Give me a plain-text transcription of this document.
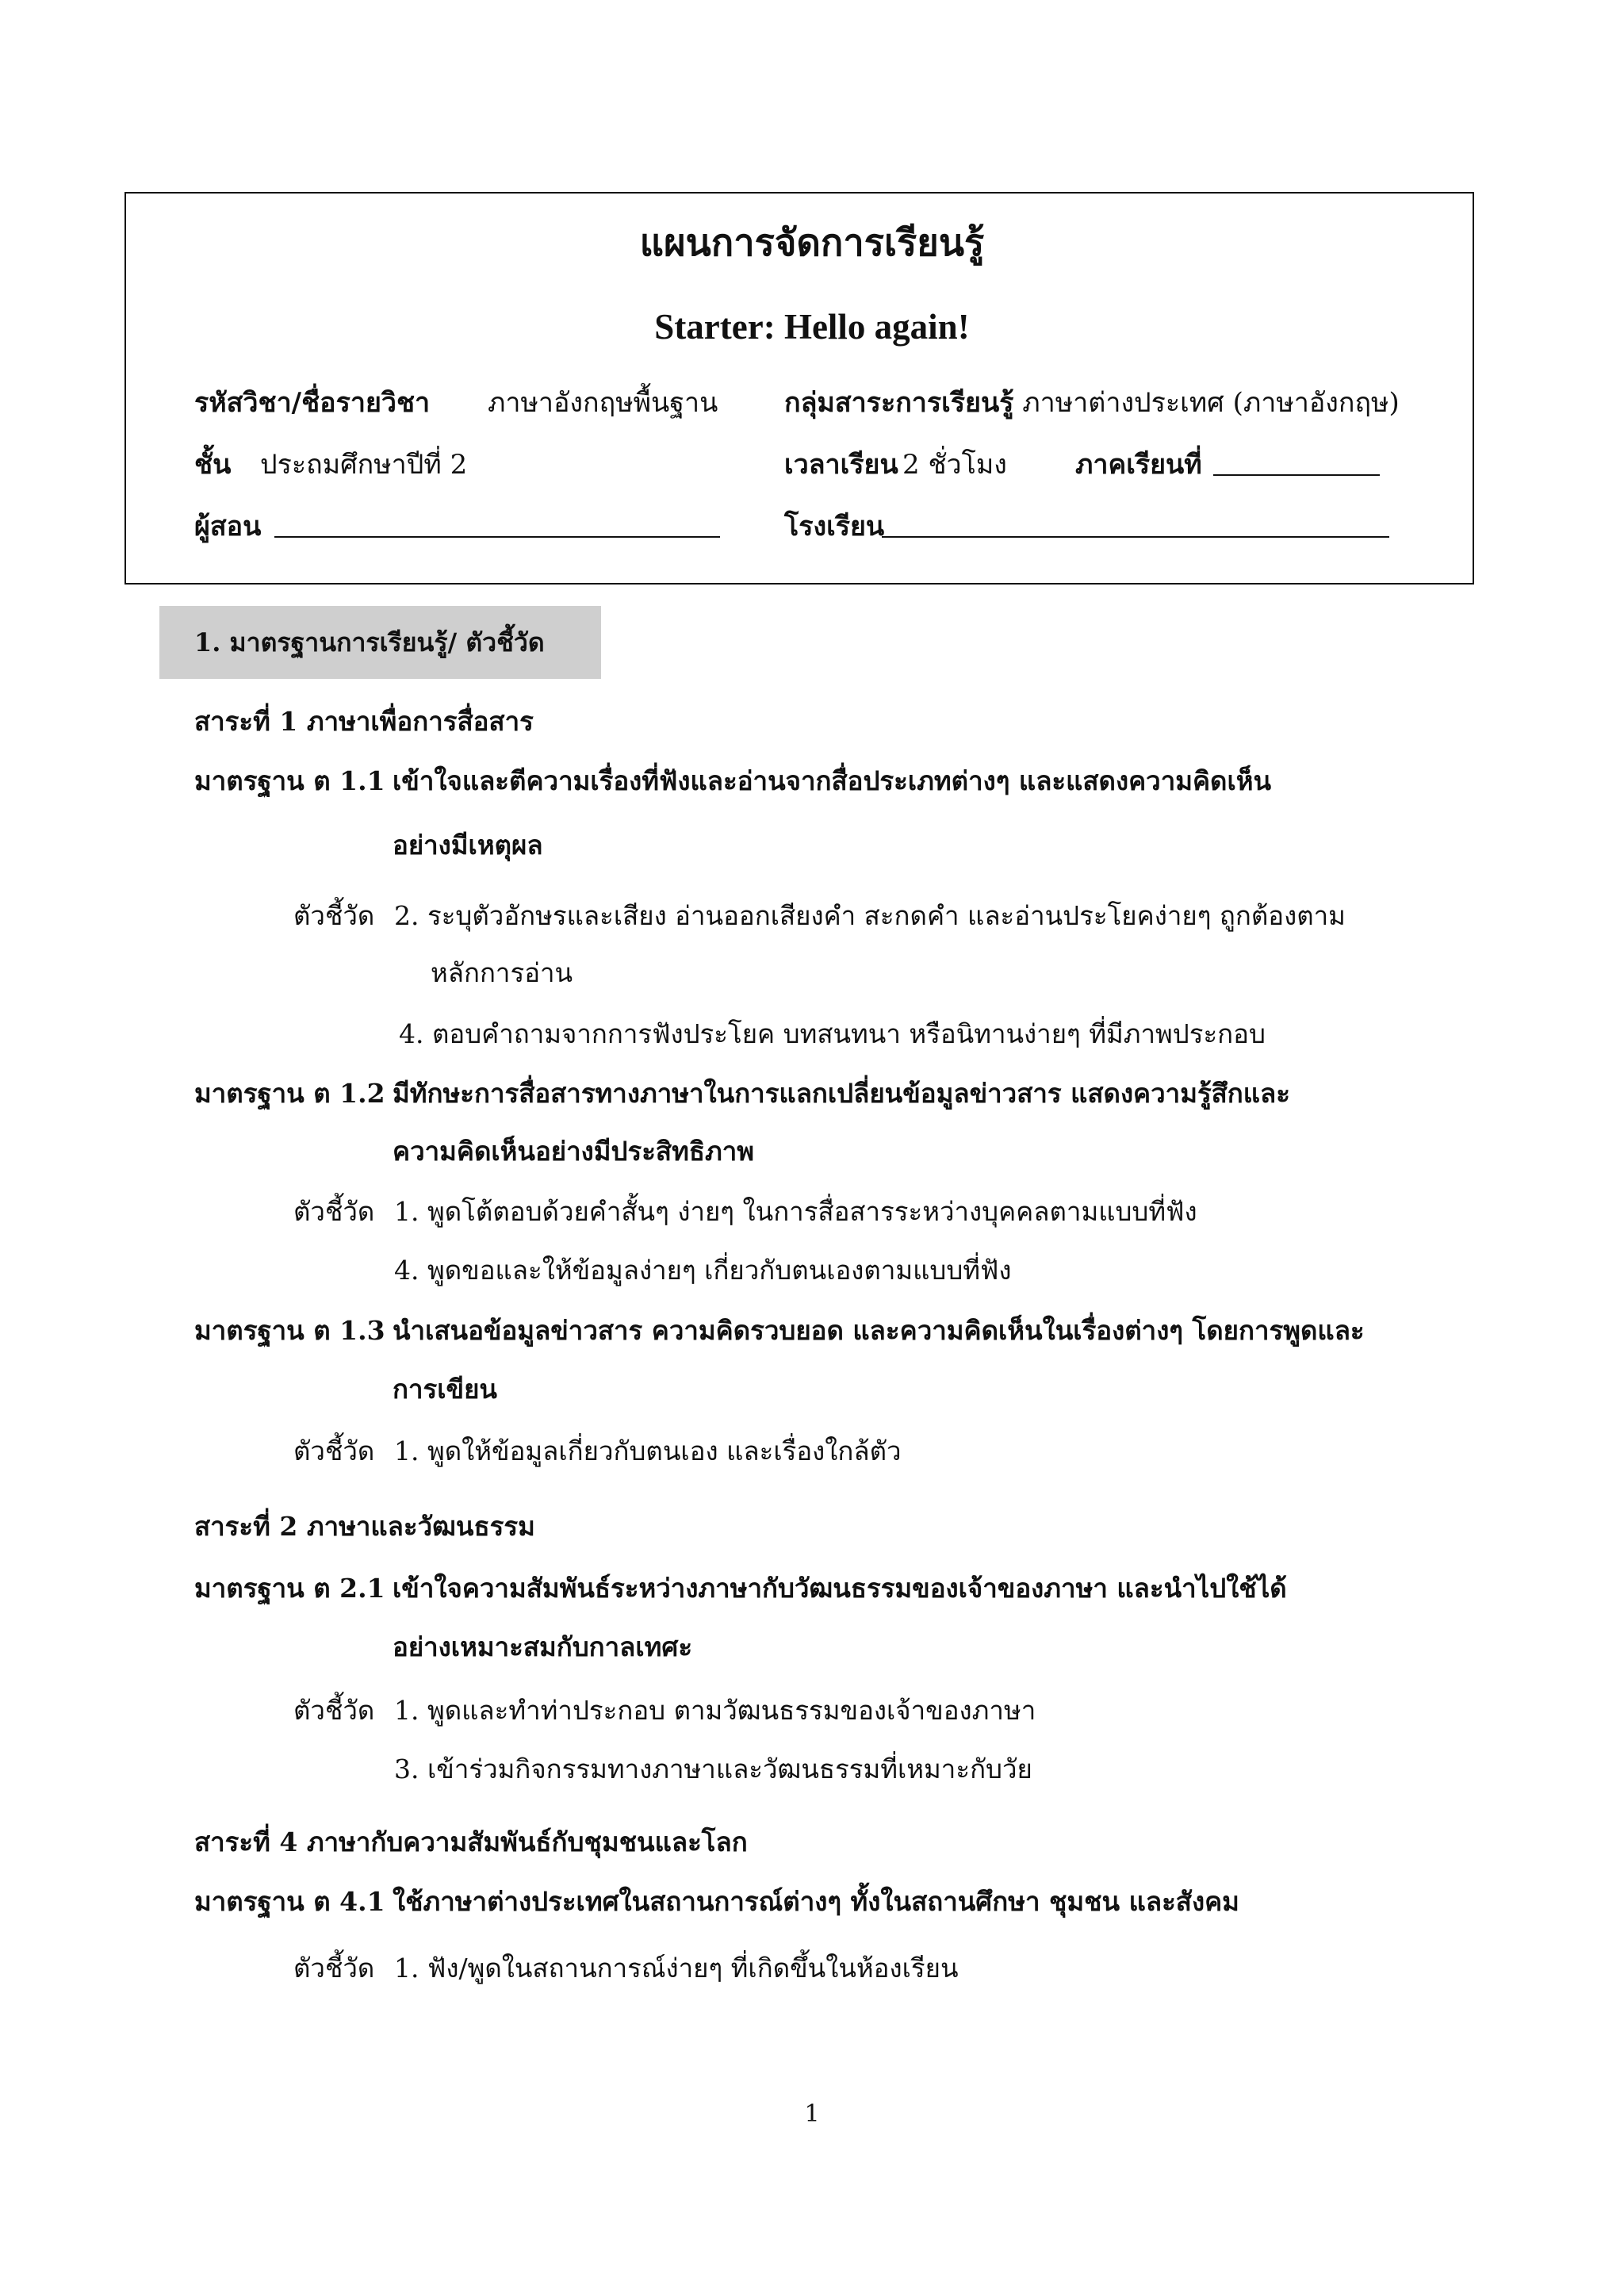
แผนการจัดการเรียนรู้
Starter: Hello again!
รหัสวิชา/ชื่อรายวิชา ภาษาอังกฤษพื้นฐาน กลุ่มสาระการเรียนรู้ ภาษาต่างประเทศ (ภาษาอังกฤษ)
ชั้น ประถมศึกษาปีที่ 2	เวลาเรียน 2 ชั่วโมง	ภาคเรียนที่
ผู้สอน	โรงเรียน
1. มาตรฐานการเรียนรู้/ ตัวชี้วัด
สาระที่ 1 ภาษาเพื่อการสื่อสาร
มาตรฐาน ต 1.1 เข้าใจและตีความเรื่องที่ฟังและอ่านจากสื่อประเภทต่างๆ และแสดงความคิดเห็น
อย่างมีเหตุผล
ตัวชี้วัด 2. ระบุตัวอักษรและเสียง อ่านออกเสียงคำ สะกดคำ และอ่านประโยคง่ายๆ ถูกต้องตาม
หลักการอ่าน
4. ตอบคำถามจากการฟังประโยค บทสนทนา หรือนิทานง่ายๆ ที่มีภาพประกอบ
มาตรฐาน ต 1.2 มีทักษะการสื่อสารทางภาษาในการแลกเปลี่ยนข้อมูลข่าวสาร แสดงความรู้สึกและ
ความคิดเห็นอย่างมีประสิทธิภาพ
ตัวชี้วัด 1. พูดโต้ตอบด้วยคำสั้นๆ ง่ายๆ ในการสื่อสารระหว่างบุคคลตามแบบที่ฟัง
4. พูดขอและให้ข้อมูลง่ายๆ เกี่ยวกับตนเองตามแบบที่ฟัง
มาตรฐาน ต 1.3 นำเสนอข้อมูลข่าวสาร ความคิดรวบยอด และความคิดเห็นในเรื่องต่างๆ โดยการพูดและ
การเขียน
ตัวชี้วัด 1. พูดให้ข้อมูลเกี่ยวกับตนเอง และเรื่องใกล้ตัว
สาระที่ 2 ภาษาและวัฒนธรรม
มาตรฐาน ต 2.1 เข้าใจความสัมพันธ์ระหว่างภาษากับวัฒนธรรมของเจ้าของภาษา และนำไปใช้ได้
อย่างเหมาะสมกับกาลเทศะ
ตัวชี้วัด 1. พูดและทำท่าประกอบ ตามวัฒนธรรมของเจ้าของภาษา
3. เข้าร่วมกิจกรรมทางภาษาและวัฒนธรรมที่เหมาะกับวัย
สาระที่ 4 ภาษากับความสัมพันธ์กับชุมชนและโลก
มาตรฐาน ต 4.1 ใช้ภาษาต่างประเทศในสถานการณ์ต่างๆ ทั้งในสถานศึกษา ชุมชน และสังคม
ตัวชี้วัด 1. ฟัง/พูดในสถานการณ์ง่ายๆ ที่เกิดขึ้นในห้องเรียน
1
